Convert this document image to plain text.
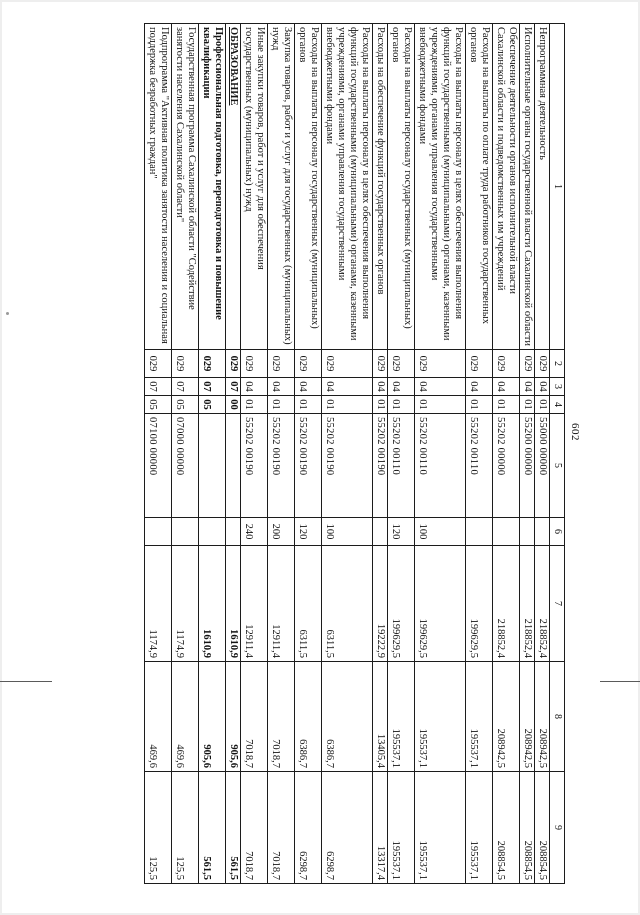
602
1	2	3	4	5	6	7	8	9
Непрограммная деятельность	029	04	01	55000 00000		218852,4	208942,5	208854,5
Исполнительные органы государственной власти Сахалинской области	029	04	01	55200 00000		218852,4	208942,5	208854,5
Обеспечение деятельности органов исполнительной власти Сахалинской области и подведомственных им учреждений	029	04	01	55202 00000		218852,4	208942,5	208854,5
Расходы на выплаты по оплате труда работников государственных органов	029	04	01	55202 00110		199629,5	195537,1	195537,1
Расходы на выплаты персоналу в целях обеспечения выполнения функций государственными (муниципальными) органами, казенными учреждениями, органами управления государственными внебюджетными фондами	029	04	01	55202 00110	100	199629,5	195537,1	195537,1
Расходы на выплаты персоналу государственных (муниципальных) органов	029	04	01	55202 00110	120	199629,5	195537,1	195537,1
Расходы на обеспечение функций государственных органов	029	04	01	55202 00190		19222,9	13405,4	13317,4
Расходы на выплаты персоналу в целях обеспечения выполнения функций государственными (муниципальными) органами, казенными учреждениями, органами управления государственными внебюджетными фондами	029	04	01	55202 00190	100	6311,5	6386,7	6298,7
Расходы на выплаты персоналу государственных (муниципальных) органов	029	04	01	55202 00190	120	6311,5	6386,7	6298,7
Закупка товаров, работ и услуг для государственных (муниципальных) нужд	029	04	01	55202 00190	200	12911,4	7018,7	7018,7
Иные закупки товаров, работ и услуг для обеспечения государственных (муниципальных) нужд	029	04	01	55202 00190	240	12911,4	7018,7	7018,7
ОБРАЗОВАНИЕ	029	07	00			1610,9	905,6	561,5
Профессиональная подготовка, переподготовка и повышение квалификации	029	07	05			1610,9	905,6	561,5
Государственная программа Сахалинской области "Содействие занятости населения Сахалинской области"	029	07	05	07000 00000		1174,9	469,6	125,5
Подпрограмма "Активная политика занятости населения и социальная поддержка безработных граждан"	029	07	05	07100 00000		1174,9	469,6	125,5
